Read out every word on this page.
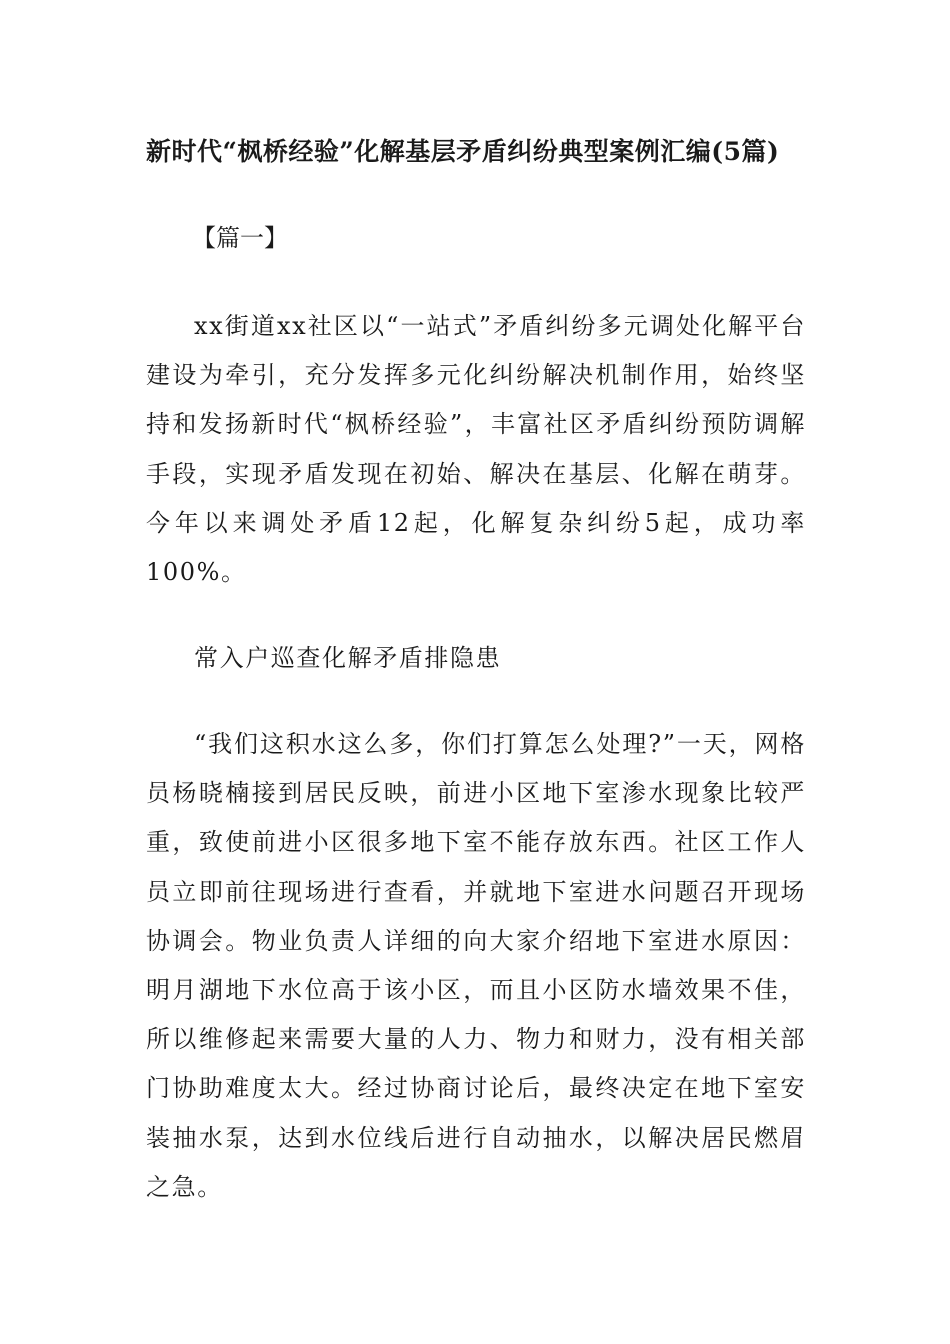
新时代“枫桥经验”化解基层矛盾纠纷典型案例汇编(5篇)

【篇一】

xx街道xx社区以“一站式”矛盾纠纷多元调处化解平台建设为牵引，充分发挥多元化纠纷解决机制作用，始终坚持和发扬新时代“枫桥经验”，丰富社区矛盾纠纷预防调解手段，实现矛盾发现在初始、解决在基层、化解在萌芽。今年以来调处矛盾12起，化解复杂纠纷5起，成功率100%。

常入户巡查化解矛盾排隐患

“我们这积水这么多，你们打算怎么处理?”一天，网格员杨晓楠接到居民反映，前进小区地下室渗水现象比较严重，致使前进小区很多地下室不能存放东西。社区工作人员立即前往现场进行查看，并就地下室进水问题召开现场协调会。物业负责人详细的向大家介绍地下室进水原因：明月湖地下水位高于该小区，而且小区防水墙效果不佳，所以维修起来需要大量的人力、物力和财力，没有相关部门协助难度太大。经过协商讨论后，最终决定在地下室安装抽水泵，达到水位线后进行自动抽水，以解决居民燃眉之急。
